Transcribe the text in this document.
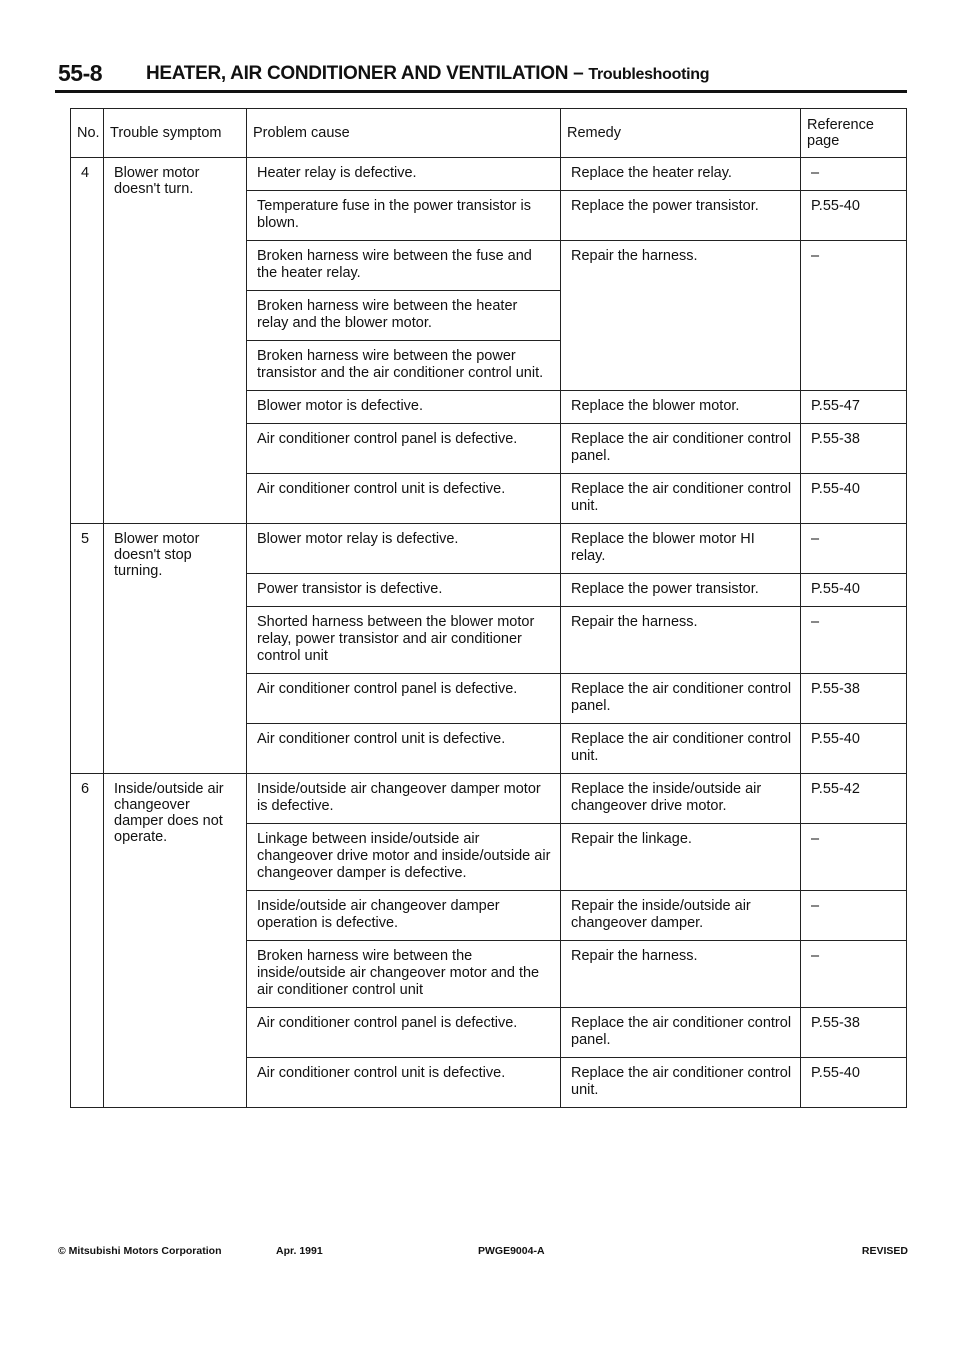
55-8 HEATER, AIR CONDITIONER AND VENTILATION – Troubleshooting
No.	Trouble symptom	Problem cause	Remedy	Reference page
4	Blower motor doesn't turn.	Heater relay is defective.	Replace the heater relay.	–
		Temperature fuse in the power transistor is blown.	Replace the power transistor.	P.55-40
		Broken harness wire between the fuse and the heater relay.	Repair the harness.	–
		Broken harness wire between the heater relay and the blower motor.		
		Broken harness wire between the power transistor and the air conditioner control unit.		
		Blower motor is defective.	Replace the blower motor.	P.55-47
		Air conditioner control panel is defective.	Replace the air conditioner control panel.	P.55-38
		Air conditioner control unit is defective.	Replace the air conditioner control unit.	P.55-40
5	Blower motor doesn't stop turning.	Blower motor relay is defective.	Replace the blower motor HI relay.	–
		Power transistor is defective.	Replace the power transistor.	P.55-40
		Shorted harness between the blower motor relay, power transistor and air conditioner control unit	Repair the harness.	–
		Air conditioner control panel is defective.	Replace the air conditioner control panel.	P.55-38
		Air conditioner control unit is defective.	Replace the air conditioner control unit.	P.55-40
6	Inside/outside air changeover damper does not operate.	Inside/outside air changeover damper motor is defective.	Replace the inside/outside air changeover drive motor.	P.55-42
		Linkage between inside/outside air changeover drive motor and inside/outside air changeover damper is defective.	Repair the linkage.	–
		Inside/outside air changeover damper operation is defective.	Repair the inside/outside air changeover damper.	–
		Broken harness wire between the inside/outside air changeover motor and the air conditioner control unit	Repair the harness.	–
		Air conditioner control panel is defective.	Replace the air conditioner control panel.	P.55-38
		Air conditioner control unit is defective.	Replace the air conditioner control unit.	P.55-40
© Mitsubishi Motors Corporation	Apr. 1991	PWGE9004-A	REVISED
